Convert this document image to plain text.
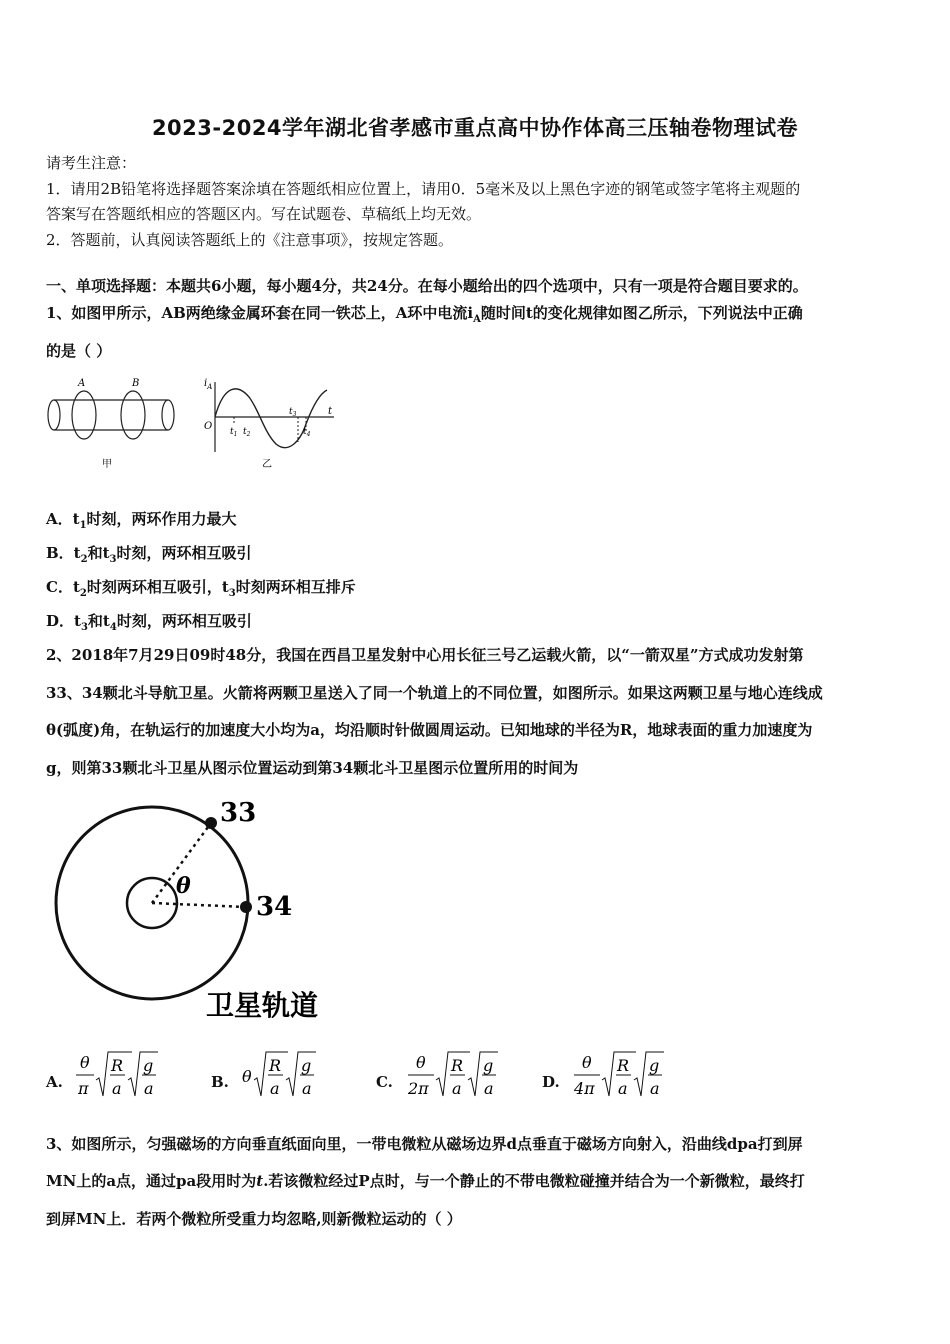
2023-2024学年湖北省孝感市重点高中协作体高三压轴卷物理试卷
请考生注意：
1．请用2B铅笔将选择题答案涂填在答题纸相应位置上，请用0．5毫米及以上黑色字迹的钢笔或签字笔将主观题的
答案写在答题纸相应的答题区内。写在试题卷、草稿纸上均无效。
2．答题前，认真阅读答题纸上的《注意事项》，按规定答题。
一、单项选择题：本题共6小题，每小题4分，共24分。在每小题给出的四个选项中，只有一项是符合题目要求的。
1、如图甲所示，AB两绝缘金属环套在同一铁芯上，A环中电流$i_A$随时间t的变化规律如图乙所示，下列说法中正确
的是（ ）
A	B
甲
$i_A$
O
t
$t_1$ $t_2$
$t_3$
$t_4$
乙
A．$t_1$时刻，两环作用力最大
B．$t_2$和$t_3$时刻，两环相互吸引
C．$t_2$时刻两环相互吸引，$t_3$时刻两环相互排斥
D．$t_3$和$t_4$时刻，两环相互吸引
2、2018年7月29日09时48分，我国在西昌卫星发射中心用长征三号乙运载火箭，以“一箭双星”方式成功发射第
33、34颗北斗导航卫星。火箭将两颗卫星送入了同一个轨道上的不同位置，如图所示。如果这两颗卫星与地心连线成
θ(弧度)角，在轨运行的加速度大小均为a，均沿顺时针做圆周运动。已知地球的半径为R，地球表面的重力加速度为
g，则第33颗北斗卫星从图示位置运动到第34颗北斗卫星图示位置所用的时间为
33
34
θ
卫星轨道
A.
θ
π
R
a
g
a	B. θ
R
a
g
a	C.
θ
2π
R
a
g
a	D.
θ
4π
R
a
g
a
3、如图所示，匀强磁场的方向垂直纸面向里，一带电微粒从磁场边界d点垂直于磁场方向射入，沿曲线dpa打到屏
MN上的a点，通过pa段用时为t.若该微粒经过P点时，与一个静止的不带电微粒碰撞并结合为一个新微粒，最终打
到屏MN上．若两个微粒所受重力均忽略,则新微粒运动的（ ）
